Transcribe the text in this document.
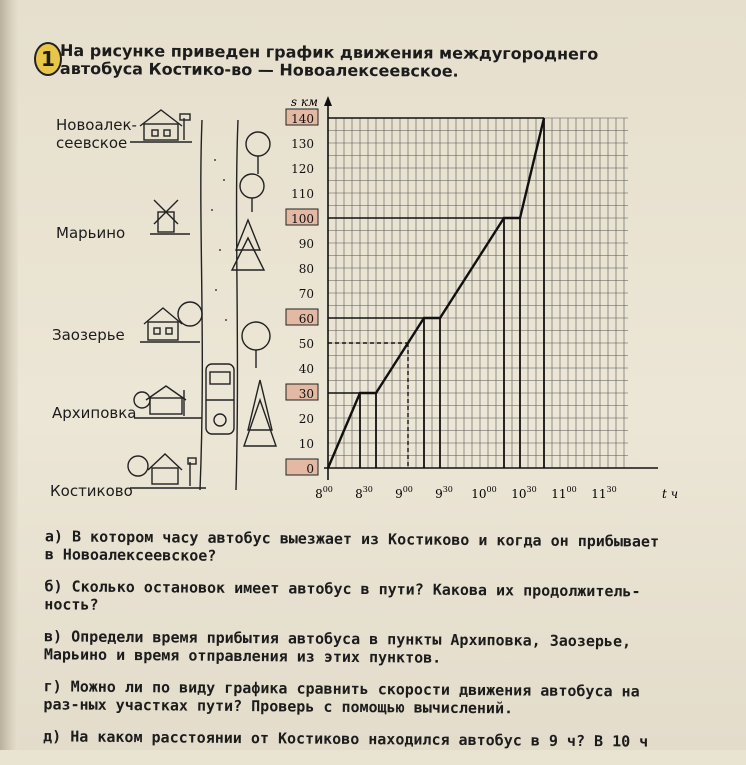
1 На рисунке приведен график движения междугороднего автобуса Костико-во — Новоалексеевское.
Новоалек-
сеевское
Марьино
Заозерье
Архиповка
Костиково
0
10
20
30
40
50
60
70
80
90
100
110
120
130
140
s км
$8^{00}$ $8^{30}$ $9^{00}$ $9^{30}$ $10^{00}$ $10^{30}$ $11^{00}$ $11^{30}$	t ч
а) В котором часу автобус выезжает из Костиково и когда он прибывает в Новоалексеевское?
б) Сколько остановок имеет автобус в пути? Какова их продолжитель-ность?
в) Определи время прибытия автобуса в пункты Архиповка, Заозерье, Марьино и время отправления из этих пунктов.
г) Можно ли по виду графика сравнить скорости движения автобуса на раз-ных участках пути? Проверь с помощью вычислений.
д) На каком расстоянии от Костиково находился автобус в 9 ч? В 10 ч
